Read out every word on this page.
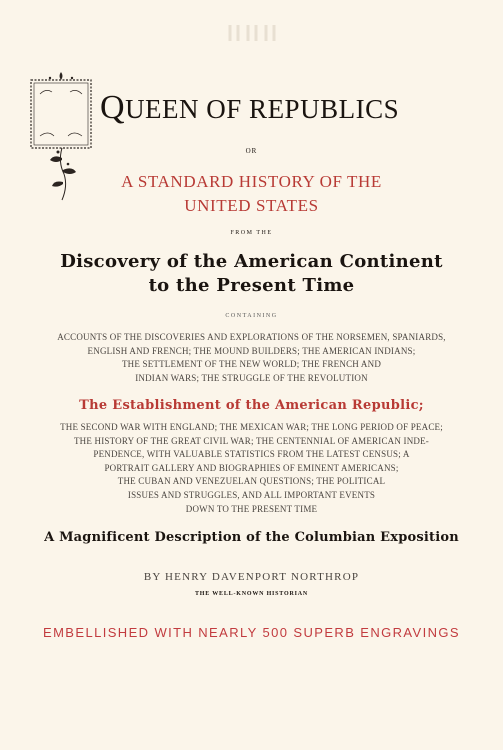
QUEEN OF REPUBLICS
OR
A STANDARD HISTORY OF THE
UNITED STATES
FROM THE
Discovery of the American Continent
to the Present Time
CONTAINING
ACCOUNTS OF THE DISCOVERIES AND EXPLORATIONS OF THE NORSEMEN, SPANIARDS,
ENGLISH AND FRENCH; THE MOUND BUILDERS; THE AMERICAN INDIANS;
THE SETTLEMENT OF THE NEW WORLD; THE FRENCH AND
INDIAN WARS; THE STRUGGLE OF THE REVOLUTION
The Establishment of the American Republic;
THE SECOND WAR WITH ENGLAND; THE MEXICAN WAR; THE LONG PERIOD OF PEACE;
THE HISTORY OF THE GREAT CIVIL WAR; THE CENTENNIAL OF AMERICAN INDE-
PENDENCE, WITH VALUABLE STATISTICS FROM THE LATEST CENSUS; A
PORTRAIT GALLERY AND BIOGRAPHIES OF EMINENT AMERICANS;
THE CUBAN AND VENEZUELAN QUESTIONS; THE POLITICAL
ISSUES AND STRUGGLES, AND ALL IMPORTANT EVENTS
DOWN TO THE PRESENT TIME
A Magnificent Description of the Columbian Exposition
BY HENRY DAVENPORT NORTHROP
THE WELL-KNOWN HISTORIAN
EMBELLISHED WITH NEARLY 500 SUPERB ENGRAVINGS
